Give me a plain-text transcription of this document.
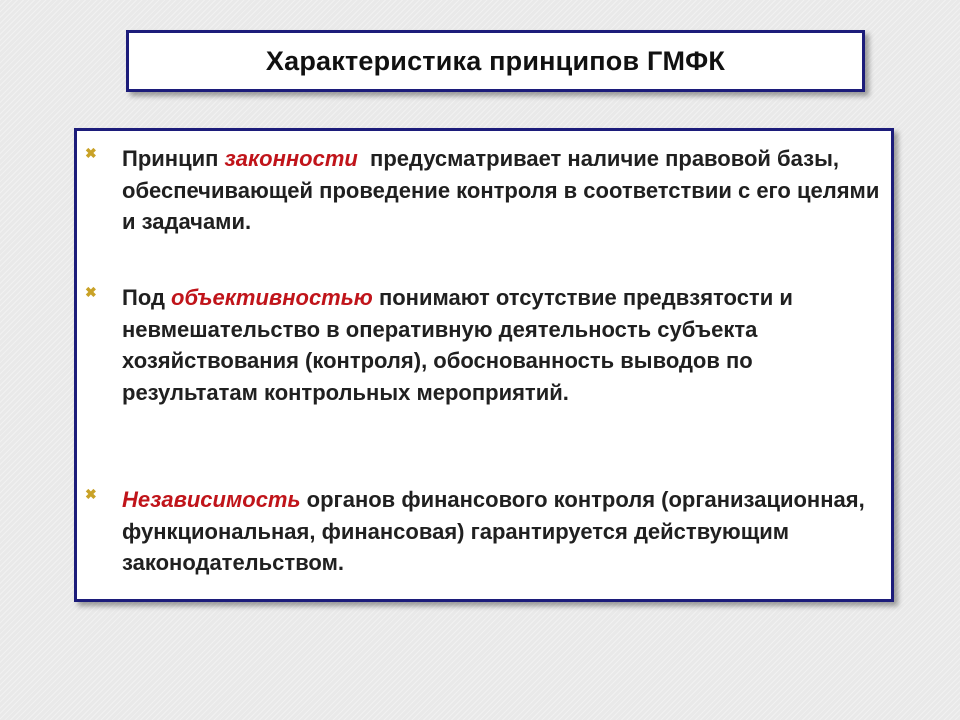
Характеристика принципов ГМФК
✖ Принцип законности  предусматривает наличие правовой базы, обеспечивающей проведение контроля в соответствии с его целями и задачами.

✖ Под объективностью понимают отсутствие предвзятости и невмешательство в оперативную деятельность субъекта хозяйствования (контроля), обоснованность выводов по результатам контрольных мероприятий.

✖ Независимость органов финансового контроля (организационная, функциональная, финансовая) гарантируется действующим законодательством.
